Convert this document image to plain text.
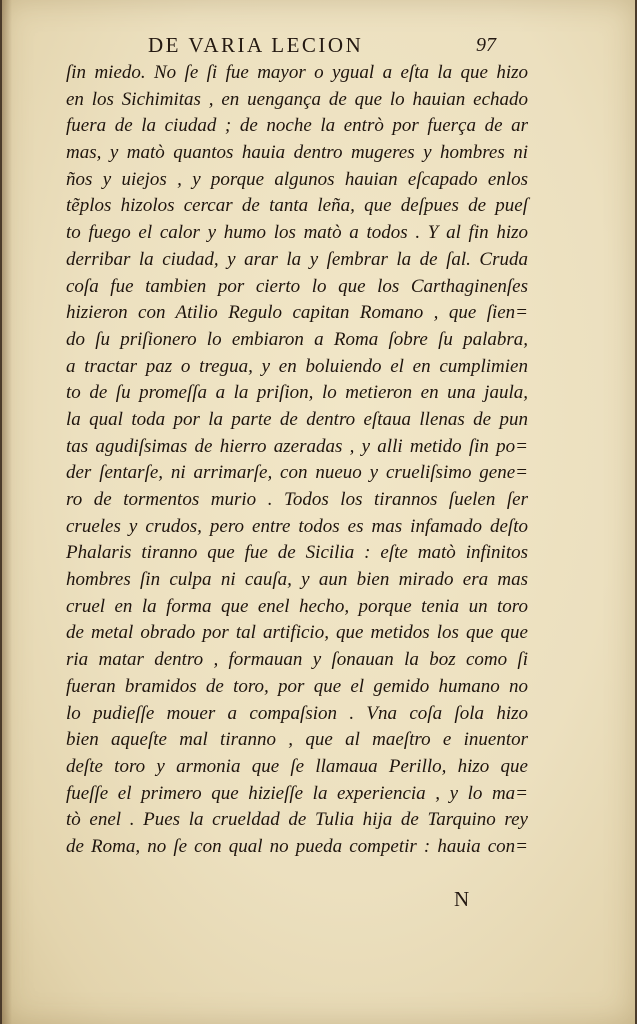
DE VARIA LECION	97
ſin miedo. No ſe ſi fue mayor o ygual a eſta la que hizo
en los Sichimitas , en uengança de que lo hauian echado
fuera de la ciudad ; de noche la entrò por fuerça de ar
mas, y matò quantos hauia dentro mugeres y hombres ni
ños y uiejos , y porque algunos hauian eſcapado enlos
tẽplos hizolos cercar de tanta leña, que deſpues de pueſ
to fuego el calor y humo los matò a todos . Y al fin hizo
derribar la ciudad, y arar la y ſembrar la de ſal. Cruda
coſa fue tambien por cierto lo que los Carthaginenſes
hizieron con Atilio Regulo capitan Romano , que ſien=
do ſu priſionero lo embiaron a Roma ſobre ſu palabra,
a tractar paz o tregua, y en boluiendo el en cumplimien
to de ſu promeſſa a la priſion, lo metieron en una jaula,
la qual toda por la parte de dentro eſtaua llenas de pun
tas agudiſsimas de hierro azeradas , y alli metido ſin po=
der ſentarſe, ni arrimarſe, con nueuo y crueliſsimo gene=
ro de tormentos murio . Todos los tirannos ſuelen ſer
crueles y crudos, pero entre todos es mas infamado deſto
Phalaris tiranno que fue de Sicilia : eſte matò infinitos
hombres ſin culpa ni cauſa, y aun bien mirado era mas
cruel en la forma que enel hecho, porque tenia un toro
de metal obrado por tal artificio, que metidos los que que
ria matar dentro , formauan y ſonauan la boz como ſi
fueran bramidos de toro, por que el gemido humano no
lo pudieſſe mouer a compaſsion . Vna coſa ſola hizo
bien aqueſte mal tiranno , que al maeſtro e inuentor
deſte toro y armonia que ſe llamaua Perillo, hizo que
fueſſe el primero que hizieſſe la experiencia , y lo ma=
tò enel . Pues la crueldad de Tulia hija de Tarquino rey
de Roma, no ſe con qual no pueda competir : hauia con=
N
